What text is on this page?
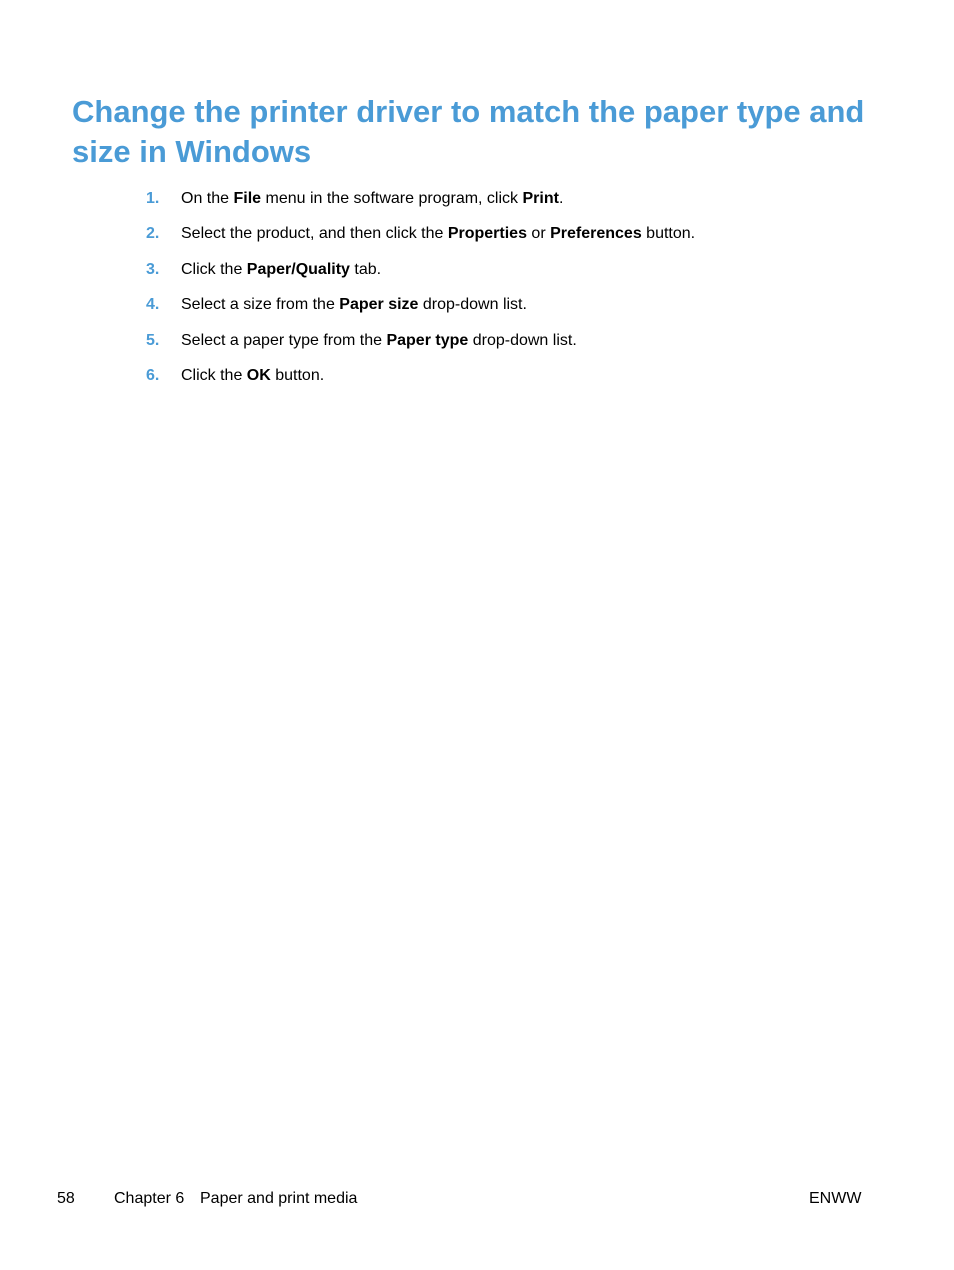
Change the printer driver to match the paper type and size in Windows
1. On the File menu in the software program, click Print.
2. Select the product, and then click the Properties or Preferences button.
3. Click the Paper/Quality tab.
4. Select a size from the Paper size drop-down list.
5. Select a paper type from the Paper type drop-down list.
6. Click the OK button.
58 Chapter 6 Paper and print media	ENWW
